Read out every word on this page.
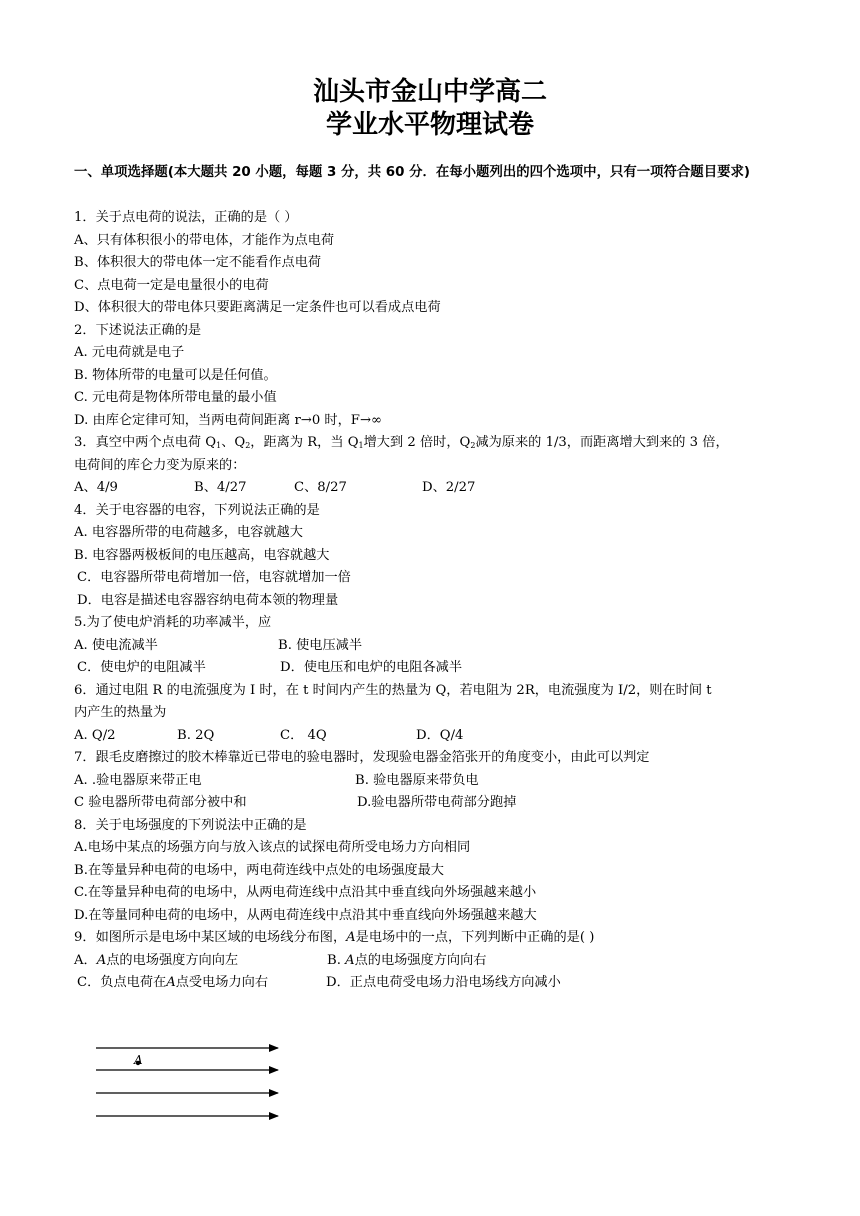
汕头市金山中学高二
学业水平物理试卷
一、单项选择题(本大题共 20 小题，每题 3 分，共 60 分．在每小题列出的四个选项中，只有一项符合题目要求)
1．关于点电荷的说法，正确的是（ ）
A、只有体积很小的带电体，才能作为点电荷
B、体积很大的带电体一定不能看作点电荷
C、点电荷一定是电量很小的电荷
D、体积很大的带电体只要距离满足一定条件也可以看成点电荷
2．下述说法正确的是
A. 元电荷就是电子
B. 物体所带的电量可以是任何值。
C. 元电荷是物体所带电量的最小值
D. 由库仑定律可知，当两电荷间距离 r→0 时，F→∞
3．真空中两个点电荷 $Q_1$、$Q_2$，距离为 R，当 $Q_1$增大到 2 倍时，$Q_2$减为原来的 1/3，而距离增大到来的 3 倍，
电荷间的库仑力变为原来的：
A、4/9	B、4/27	C、8/27	D、2/27
4．关于电容器的电容，下列说法正确的是
A. 电容器所带的电荷越多，电容就越大
B. 电容器两极板间的电压越高，电容就越大
C．电容器所带电荷增加一倍，电容就增加一倍
D．电容是描述电容器容纳电荷本领的物理量
5.为了使电炉消耗的功率减半，应
A. 使电流减半	B. 使电压减半
C．使电炉的电阻减半	D．使电压和电炉的电阻各减半
6．通过电阻 R 的电流强度为 I 时，在 t 时间内产生的热量为 Q，若电阻为 2R，电流强度为 I/2，则在时间 t
内产生的热量为
A. Q/2	B. 2Q	C． 4Q	D．Q/4
7．跟毛皮磨擦过的胶木棒靠近已带电的验电器时，发现验电器金箔张开的角度变小，由此可以判定
A. .验电器原来带正电	B. 验电器原来带负电
C 验电器所带电荷部分被中和	D.验电器所带电荷部分跑掉
8．关于电场强度的下列说法中正确的是
A.电场中某点的场强方向与放入该点的试探电荷所受电场力方向相同
B.在等量异种电荷的电场中，两电荷连线中点处的电场强度最大
C.在等量异种电荷的电场中，从两电荷连线中点沿其中垂直线向外场强越来越小
D.在等量同种电荷的电场中，从两电荷连线中点沿其中垂直线向外场强越来越大
9．如图所示是电场中某区域的电场线分布图，A是电场中的一点，下列判断中正确的是( )
A．A点的电场强度方向向左	B. A点的电场强度方向向右
C．负点电荷在A点受电场力向右	D．正点电荷受电场力沿电场线方向减小
A
